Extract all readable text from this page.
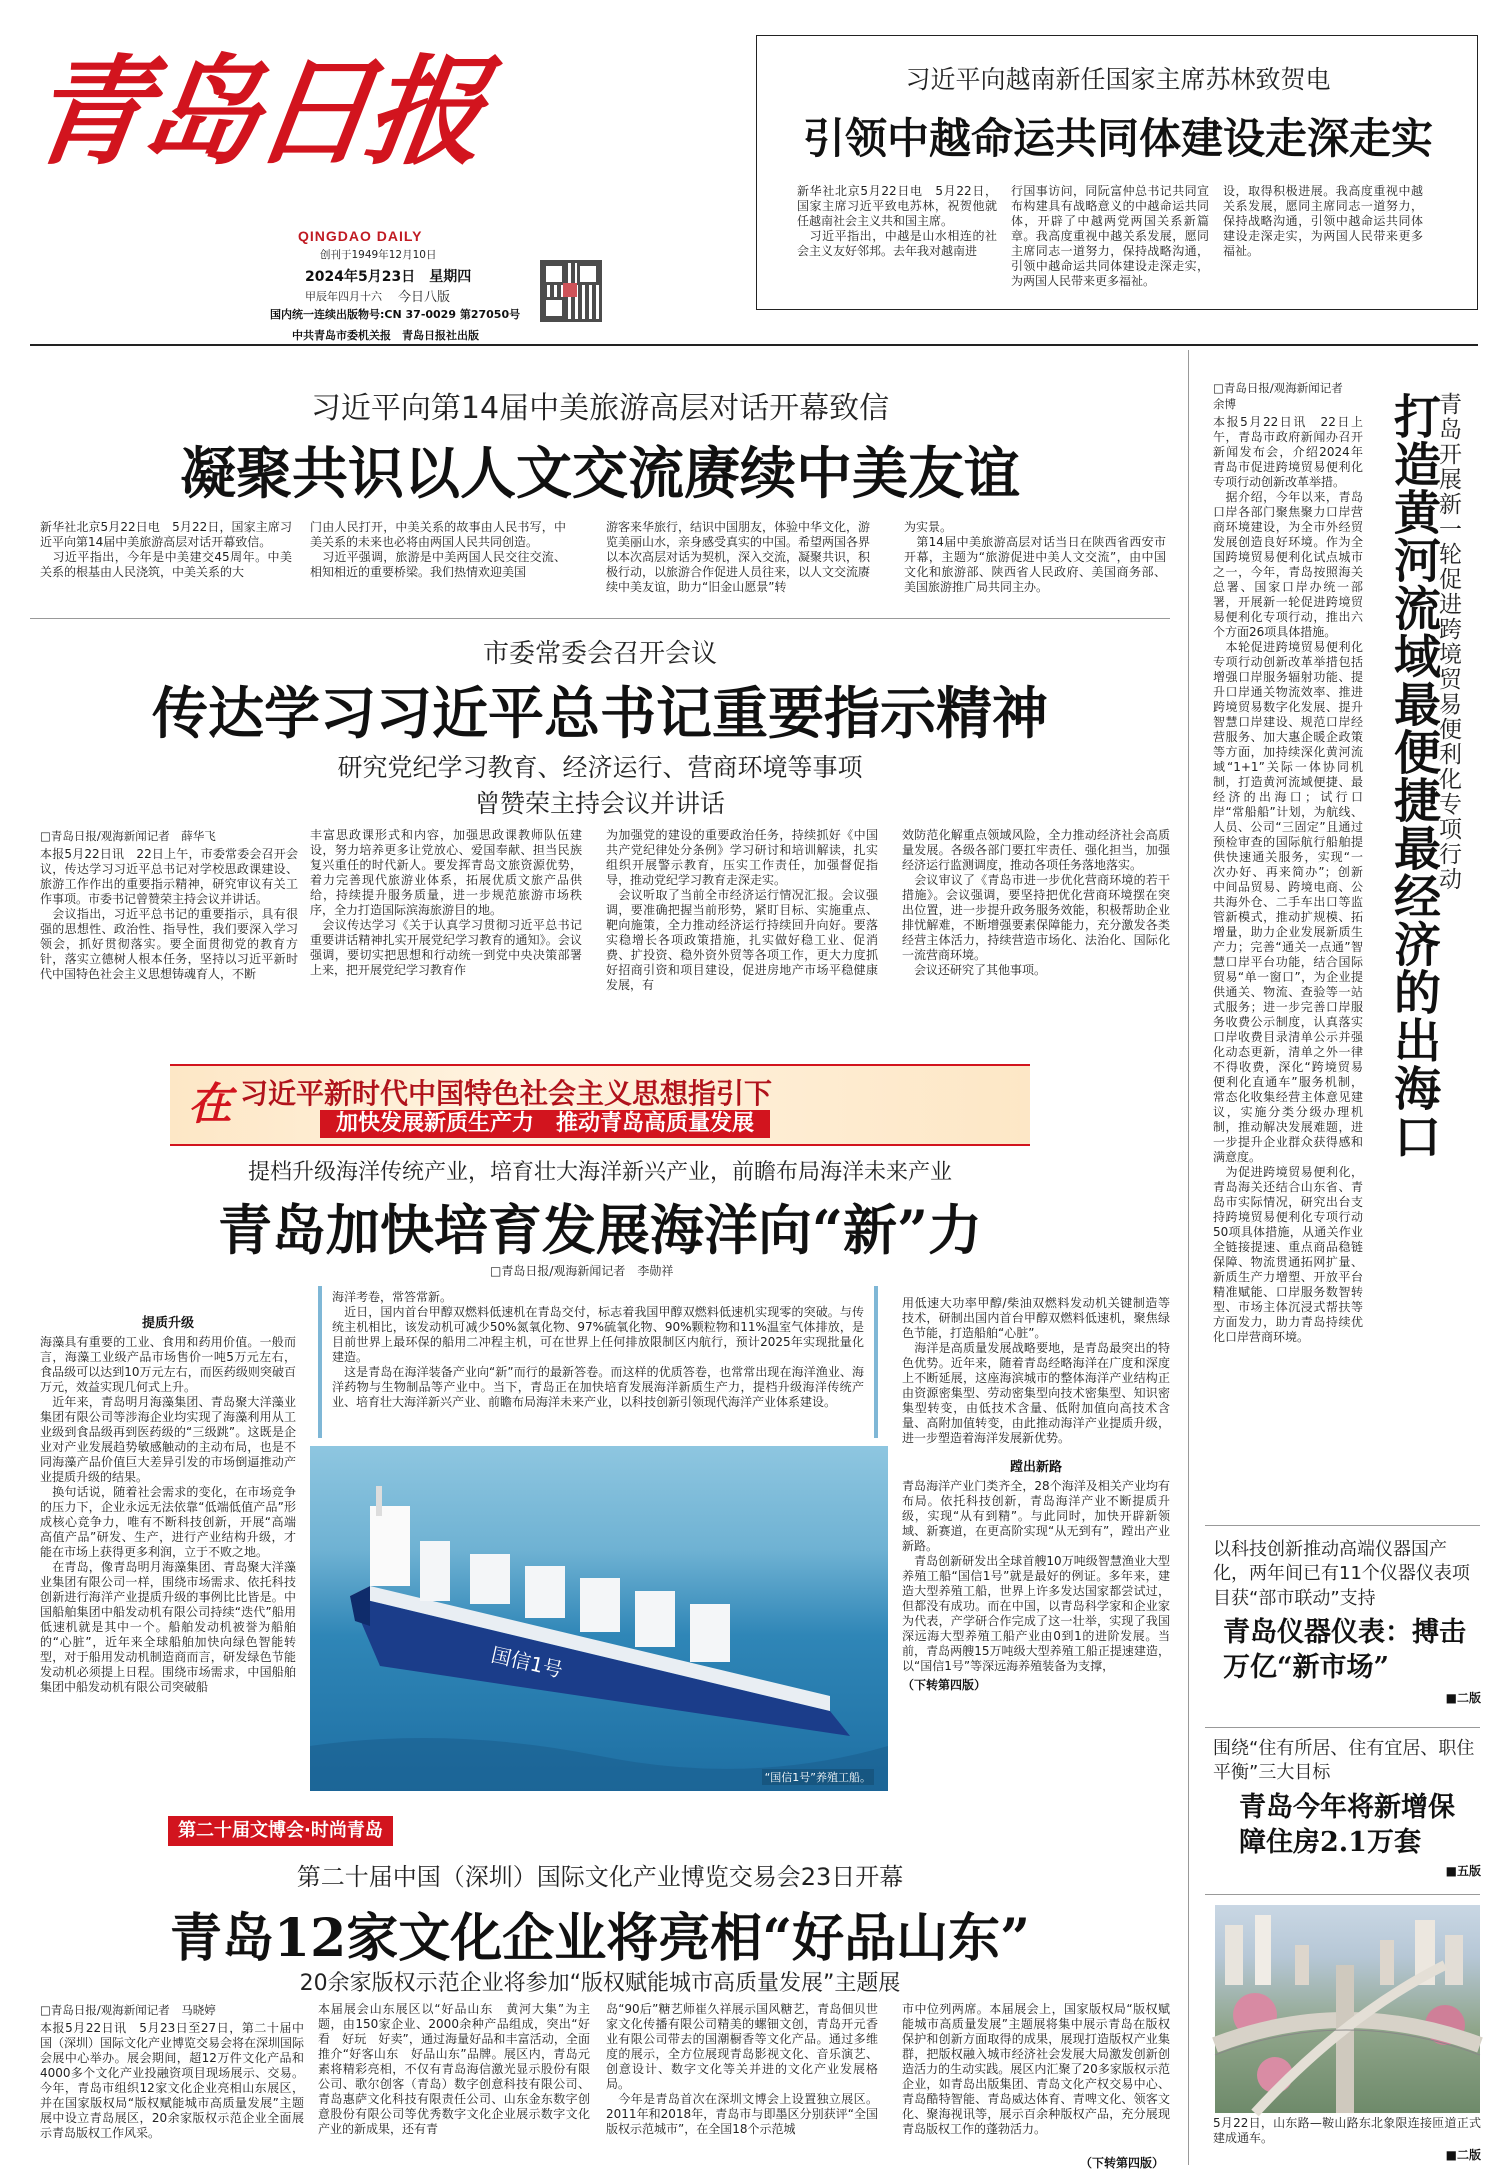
青岛日报
QINGDAO DAILY
创刊于1949年12月10日
2024年5月23日　星期四
甲辰年四月十六 今日八版
国内统一连续出版物号:CN 37-0029 第27050号
中共青岛市委机关报　青岛日报社出版
习近平向越南新任国家主席苏林致贺电
引领中越命运共同体建设走深走实

新华社北京5月22日电　5月22日，国家主席习近平致电苏林，祝贺他就任越南社会主义共和国主席。
　习近平指出，中越是山水相连的社会主义友好邻邦。去年我对越南进

行国事访问，同阮富仲总书记共同宣布构建具有战略意义的中越命运共同体，开辟了中越两党两国关系新篇章。我高度重视中越关系发展，愿同主席同志一道努力，保持战略沟通，引领中越命运共同体建设走深走实，为两国人民带来更多福祉。

设，取得积极进展。我高度重视中越关系发展，愿同主席同志一道努力，保持战略沟通，引领中越命运共同体建设走深走实，为两国人民带来更多福祉。

习近平向第14届中美旅游高层对话开幕致信
凝聚共识以人文交流赓续中美友谊

新华社北京5月22日电　5月22日，国家主席习近平向第14届中美旅游高层对话开幕致信。
　习近平指出，今年是中美建交45周年。中美关系的根基由人民浇筑，中美关系的大

门由人民打开，中美关系的故事由人民书写，中美关系的未来也必将由两国人民共同创造。
　习近平强调，旅游是中美两国人民交往交流、相知相近的重要桥梁。我们热情欢迎美国

游客来华旅行，结识中国朋友，体验中华文化，游览美丽山水，亲身感受真实的中国。希望两国各界以本次高层对话为契机，深入交流，凝聚共识，积极行动，以旅游合作促进人员往来，以人文交流赓续中美友谊，助力“旧金山愿景”转

为实景。
　第14届中美旅游高层对话当日在陕西省西安市开幕，主题为“旅游促进中美人文交流”，由中国文化和旅游部、陕西省人民政府、美国商务部、美国旅游推广局共同主办。

市委常委会召开会议
传达学习习近平总书记重要指示精神
研究党纪学习教育、经济运行、营商环境等事项
曾赞荣主持会议并讲话
□青岛日报/观海新闻记者　薛华飞

本报5月22日讯　22日上午，市委常委会召开会议，传达学习习近平总书记对学校思政课建设、旅游工作作出的重要指示精神，研究审议有关工作事项。市委书记曾赞荣主持会议并讲话。
　会议指出，习近平总书记的重要指示，具有很强的思想性、政治性、指导性，我们要深入学习领会，抓好贯彻落实。要全面贯彻党的教育方针，落实立德树人根本任务，坚持以习近平新时代中国特色社会主义思想铸魂育人，不断

丰富思政课形式和内容，加强思政课教师队伍建设，努力培养更多让党放心、爱国奉献、担当民族复兴重任的时代新人。要发挥青岛文旅资源优势，着力完善现代旅游业体系，拓展优质文旅产品供给，持续提升服务质量，进一步规范旅游市场秩序，全力打造国际滨海旅游目的地。
　会议传达学习《关于认真学习贯彻习近平总书记重要讲话精神扎实开展党纪学习教育的通知》。会议强调，要切实把思想和行动统一到党中央决策部署上来，把开展党纪学习教育作

为加强党的建设的重要政治任务，持续抓好《中国共产党纪律处分条例》学习研讨和培训解读，扎实组织开展警示教育，压实工作责任，加强督促指导，推动党纪学习教育走深走实。
　会议听取了当前全市经济运行情况汇报。会议强调，要准确把握当前形势，紧盯目标、实施重点、靶向施策，全力推动经济运行持续回升向好。要落实稳增长各项政策措施，扎实做好稳工业、促消费、扩投资、稳外资外贸等各项工作，更大力度抓好招商引资和项目建设，促进房地产市场平稳健康发展，有

效防范化解重点领域风险，全力推动经济社会高质量发展。各级各部门要扛牢责任、强化担当，加强经济运行监测调度，推动各项任务落地落实。
　会议审议了《青岛市进一步优化营商环境的若干措施》。会议强调，要坚持把优化营商环境摆在突出位置，进一步提升政务服务效能，积极帮助企业排忧解难，不断增强要素保障能力，充分激发各类经营主体活力，持续营造市场化、法治化、国际化一流营商环境。
　会议还研究了其他事项。

在 习近平新时代中国特色社会主义思想指引下
加快发展新质生产力　推动青岛高质量发展
提档升级海洋传统产业，培育壮大海洋新兴产业，前瞻布局海洋未来产业
青岛加快培育发展海洋向“新”力
□青岛日报/观海新闻记者　李勋祥

海洋考卷，常答常新。
　近日，国内首台甲醇双燃料低速机在青岛交付，标志着我国甲醇双燃料低速机实现零的突破。与传统主机相比，该发动机可减少50%氮氧化物、97%硫氧化物、90%颗粒物和11%温室气体排放，是目前世界上最环保的船用二冲程主机，可在世界上任何排放限制区内航行，预计2025年实现批量化建造。
　这是青岛在海洋装备产业向“新”而行的最新答卷。而这样的优质答卷，也常常出现在海洋渔业、海洋药物与生物制品等产业中。当下，青岛正在加快培育发展海洋新质生产力，提档升级海洋传统产业、培育壮大海洋新兴产业、前瞻布局海洋未来产业，以科技创新引领现代海洋产业体系建设。

提质升级

海藻具有重要的工业、食用和药用价值。一般而言，海藻工业级产品市场售价一吨5万元左右，食品级可以达到10万元左右，而医药级则突破百万元，效益实现几何式上升。
　近年来，青岛明月海藻集团、青岛聚大洋藻业集团有限公司等涉海企业均实现了海藻利用从工业级到食品级再到医药级的“三级跳”。这既是企业对产业发展趋势敏感触动的主动布局，也是不同海藻产品价值巨大差异引发的市场倒逼推动产业提质升级的结果。
　换句话说，随着社会需求的变化，在市场竞争的压力下，企业永远无法依靠“低端低值产品”形成核心竞争力，唯有不断科技创新，开展“高端高值产品”研发、生产，进行产业结构升级，才能在市场上获得更多利润，立于不败之地。
　在青岛，像青岛明月海藻集团、青岛聚大洋藻业集团有限公司一样，围绕市场需求、依托科技创新进行海洋产业提质升级的事例比比皆是。中国船舶集团中船发动机有限公司持续“迭代”船用低速机就是其中一个。船舶发动机被誉为船舶的“心脏”，近年来全球船舶加快向绿色智能转型，对于船用发动机制造商而言，研发绿色节能发动机必须提上日程。围绕市场需求，中国船舶集团中船发动机有限公司突破船

国信1号
“国信1号”养殖工船。

用低速大功率甲醇/柴油双燃料发动机关键制造等技术，研制出国内首台甲醇双燃料低速机，聚焦绿色节能，打造船舶“心脏”。
　海洋是高质量发展战略要地，是青岛最突出的特色优势。近年来，随着青岛经略海洋在广度和深度上不断延展，这座海滨城市的整体海洋产业结构正由资源密集型、劳动密集型向技术密集型、知识密集型转变，由低技术含量、低附加值向高技术含量、高附加值转变，由此推动海洋产业提质升级，进一步塑造着海洋发展新优势。

蹚出新路

青岛海洋产业门类齐全，28个海洋及相关产业均有布局。依托科技创新，青岛海洋产业不断提质升级，实现“从有到精”。与此同时，加快开辟新领域、新赛道，在更高阶实现“从无到有”，蹚出产业新路。
　青岛创新研发出全球首艘10万吨级智慧渔业大型养殖工船“国信1号”就是最好的例证。多年来，建造大型养殖工船，世界上许多发达国家都尝试过，但都没有成功。而在中国，以青岛科学家和企业家为代表，产学研合作完成了这一壮举，实现了我国深远海大型养殖工船产业由0到1的进阶发展。当前，青岛两艘15万吨级大型养殖工船正提速建造，以“国信1号”等深远海养殖装备为支撑，

（下转第四版）
第二十届文博会·时尚青岛
第二十届中国（深圳）国际文化产业博览交易会23日开幕
青岛12家文化企业将亮相“好品山东”
20余家版权示范企业将参加“版权赋能城市高质量发展”主题展
□青岛日报/观海新闻记者　马晓婷

本报5月22日讯　5月23日至27日，第二十届中国（深圳）国际文化产业博览交易会将在深圳国际会展中心举办。展会期间，超12万件文化产品和4000多个文化产业投融资项目现场展示、交易。今年，青岛市组织12家文化企业亮相山东展区，并在国家版权局“版权赋能城市高质量发展”主题展中设立青岛展区，20余家版权示范企业全面展示青岛版权工作风采。

本届展会山东展区以“好品山东　黄河大集”为主题，由150家企业、2000余种产品组成，突出“好看　好玩　好卖”，通过海量好品和丰富活动，全面推介“好客山东　好品山东”品牌。展区内，青岛元素将精彩亮相，不仅有青岛海信激光显示股份有限公司、歌尔创客（青岛）数字创意科技有限公司、青岛惠萨文化科技有限责任公司、山东金东数字创意股份有限公司等优秀数字文化企业展示数字文化产业的新成果，还有青

岛“90后”糖艺师崔久祥展示国风糖艺，青岛佃贝世家文化传播有限公司精美的螺钿文创，青岛开元香业有限公司带去的国潮橱香等文化产品。通过多维度的展示，全方位展现青岛影视文化、音乐演艺、创意设计、数字文化等关并进的文化产业发展格局。
　今年是青岛首次在深圳文博会上设置独立展区。2011年和2018年，青岛市与即墨区分别获评“全国版权示范城市”，在全国18个示范城

市中位列两席。本届展会上，国家版权局“版权赋能城市高质量发展”主题展将集中展示青岛在版权保护和创新方面取得的成果，展现打造版权产业集群，把版权融入城市经济社会发展大局激发创新创造活力的生动实践。展区内汇聚了20多家版权示范企业，如青岛出版集团、青岛文化产权交易中心、青岛酷特智能、青岛威达体育、青啤文化、领客文化、聚海视讯等，展示百余种版权产品，充分展现青岛版权工作的蓬勃活力。

（下转第四版）
青岛开展新一轮促进跨境贸易便利化专项行动
打造黄河流域最便捷最经济的出海口
□青岛日报/观海新闻记者　余博

本报5月22日讯　22日上午，青岛市政府新闻办召开新闻发布会，介绍2024年青岛市促进跨境贸易便利化专项行动创新改革举措。
　据介绍，今年以来，青岛口岸各部门聚焦聚力口岸营商环境建设，为全市外经贸发展创造良好环境。作为全国跨境贸易便利化试点城市之一，今年，青岛按照海关总署、国家口岸办统一部署，开展新一轮促进跨境贸易便利化专项行动，推出六个方面26项具体措施。
　本轮促进跨境贸易便利化专项行动创新改革举措包括增强口岸服务辐射功能、提升口岸通关物流效率、推进跨境贸易数字化发展、提升智慧口岸建设、规范口岸经营服务、加大惠企暖企政策等方面，加持续深化黄河流域“1+1”关际一体协同机制，打造黄河流域便捷、最经济的出海口；试行口岸“常船船”计划，为航线、人员、公司“三固定”且通过预检审查的国际航行船舶提供快速通关服务，实现“一次办好、再来简办”；创新中间品贸易、跨境电商、公共海外仓、二手车出口等监管新模式，推动扩规模、拓增量，助力企业发展新质生产力；完善“通关一点通”智慧口岸平台功能，结合国际贸易“单一窗口”，为企业提供通关、物流、查验等一站式服务；进一步完善口岸服务收费公示制度，认真落实口岸收费目录清单公示并强化动态更新，清单之外一律不得收费，深化“跨境贸易便利化直通车”服务机制，常态化收集经营主体意见建议，实施分类分级办理机制，推动解决发展难题，进一步提升企业群众获得感和满意度。
　为促进跨境贸易便利化，青岛海关还结合山东省、青岛市实际情况，研究出台支持跨境贸易便利化专项行动50项具体措施，从通关作业全链接提速、重点商品稳链保障、物流贯通拓网扩量、新质生产力增塑、开放平台精准赋能、口岸服务数智转型、市场主体沉浸式帮扶等方面发力，助力青岛持续优化口岸营商环境。

以科技创新推动高端仪器国产化，两年间已有11个仪器仪表项目获“部市联动”支持
青岛仪器仪表：搏击万亿“新市场”
■二版
围绕“住有所居、住有宜居、职住平衡”三大目标
青岛今年将新增保障住房2.1万套
■五版

5月22日，山东路—鞍山路东北象限连接匝道正式建成通车。

■二版
